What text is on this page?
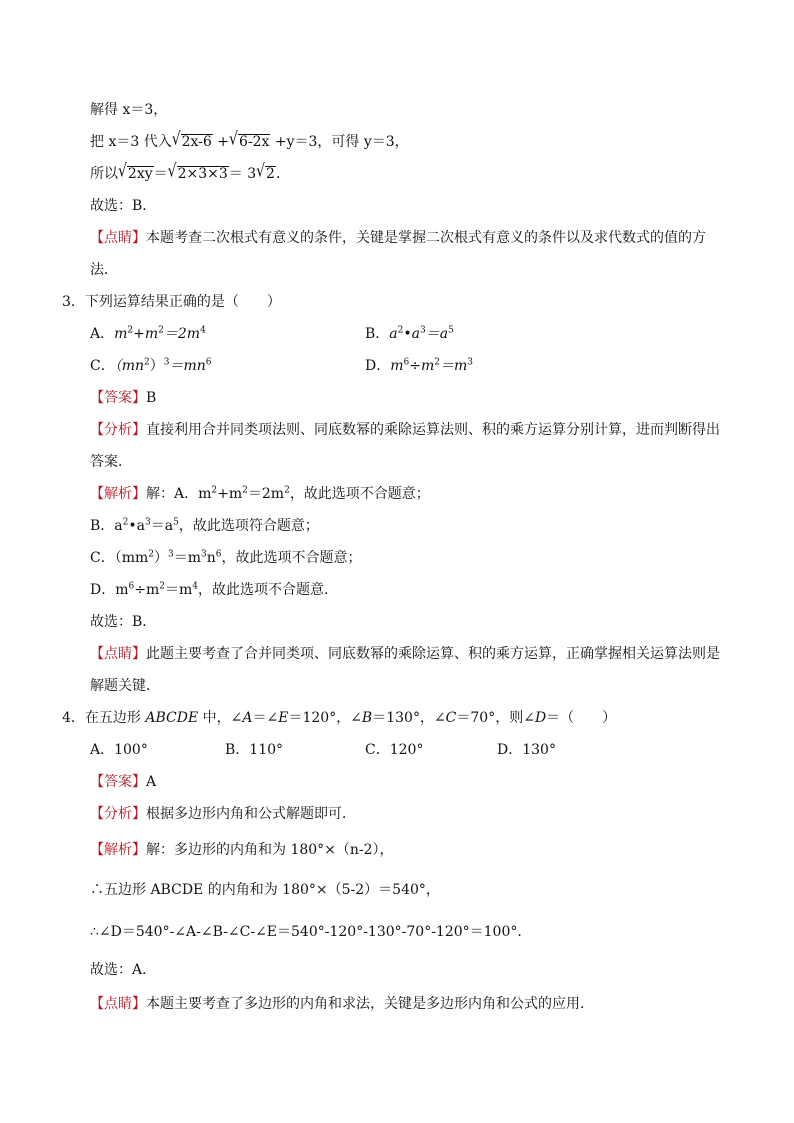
解得 x＝3，
把 x＝3 代入√2x-6 +√6-2x +y＝3，可得 y＝3，
所以√2xy＝√2×3×3＝ 3√2．
故选：B．
【点睛】本题考查二次根式有意义的条件，关键是掌握二次根式有意义的条件以及求代数式的值的方
法．
3．下列运算结果正确的是（　　）
A．$m^2+m^2=2m^4$	B．$a^2•a^3=a^5$
C．$(mn^2)^3=mn^6$	D．$m^6\div m^2=m^3$
【答案】B
【分析】直接利用合并同类项法则、同底数幂的乘除运算法则、积的乘方运算分别计算，进而判断得出
答案．
【解析】解：A．$m^2+m^2=2m^2$，故此选项不合题意；
B．$a^2•a^3=a^5$，故此选项符合题意；
C．$(mm^2)^3=m^3n^6$，故此选项不合题意；
D．$m^6\div m^2=m^4$，故此选项不合题意．
故选：B．
【点睛】此题主要考查了合并同类项、同底数幂的乘除运算、积的乘方运算，正确掌握相关运算法则是
解题关键．
4．在五边形 ABCDE 中，∠A＝∠E＝120°，∠B＝130°，∠C＝70°，则∠D＝（　　）
A．100°	B．110°	C．120°	D．130°
【答案】A
【分析】根据多边形内角和公式解题即可．
【解析】解：多边形的内角和为 180°×（n-2），
∴五边形 ABCDE 的内角和为 180°×（5-2）＝540°，
∴∠D＝540°-∠A-∠B-∠C-∠E＝540°-120°-130°-70°-120°＝100°．
故选：A．
【点睛】本题主要考查了多边形的内角和求法，关键是多边形内角和公式的应用．
